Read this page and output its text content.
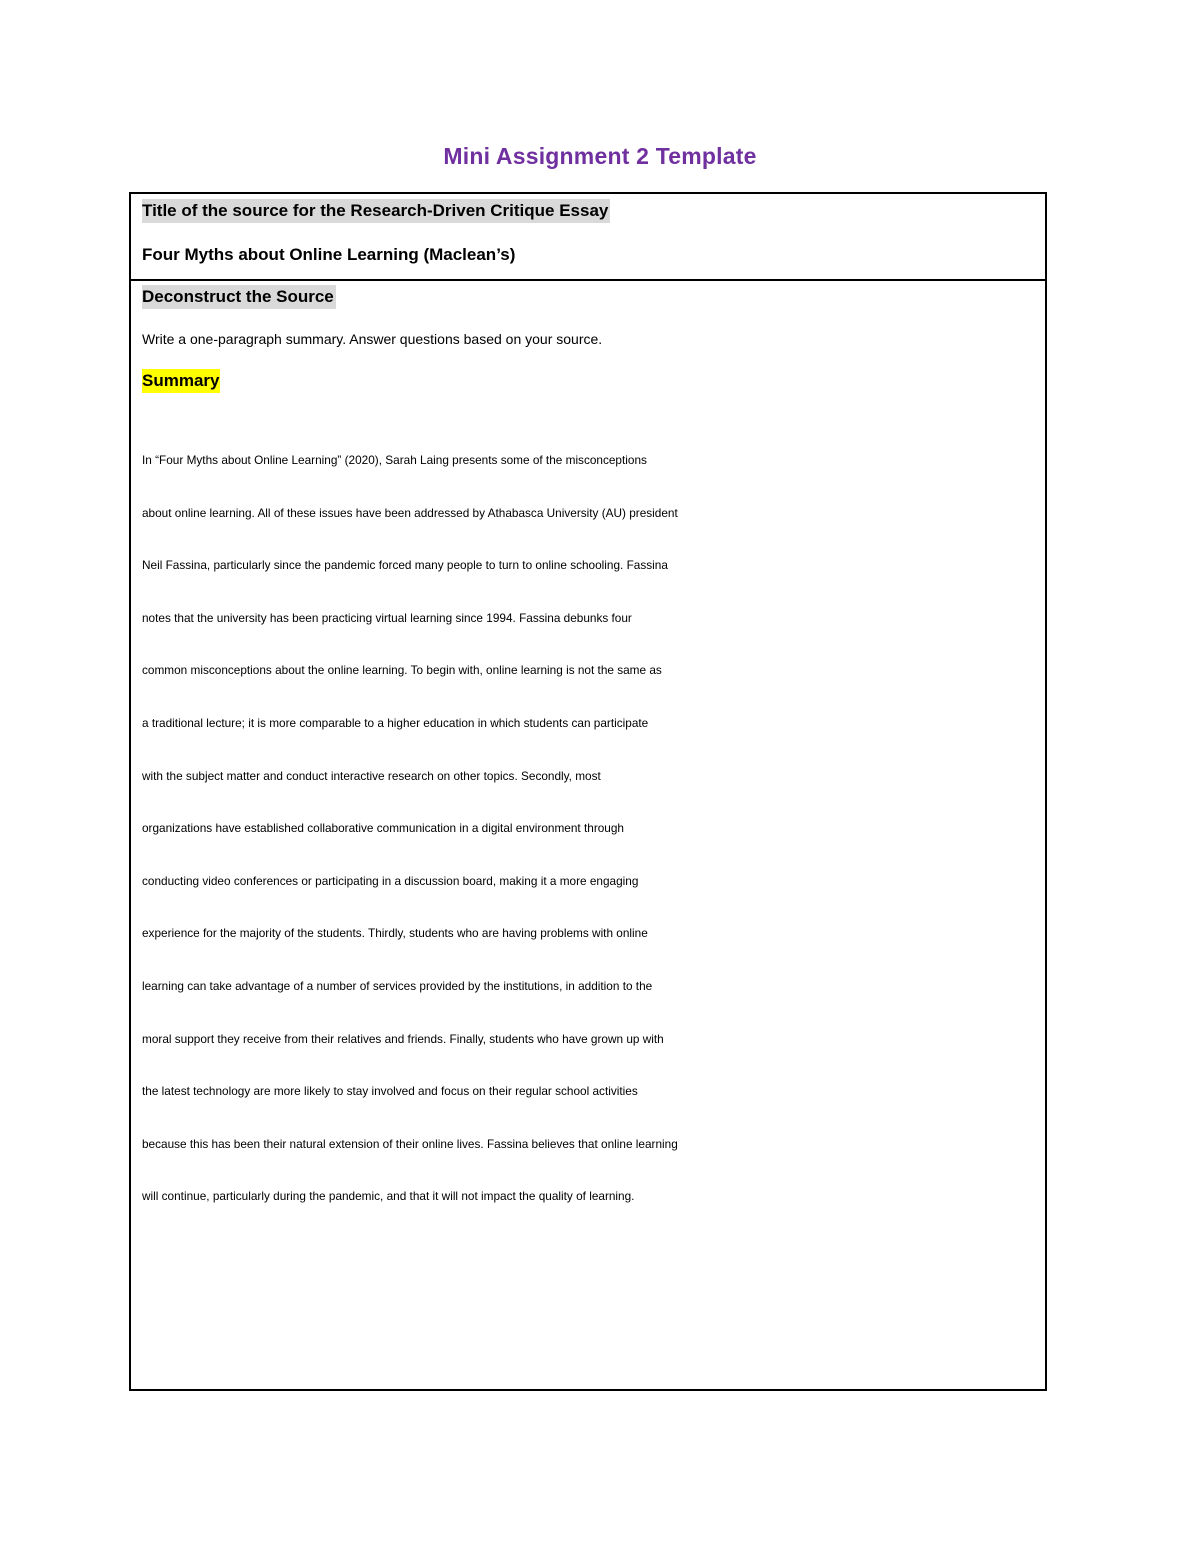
Mini Assignment 2 Template
Title of the source for the Research-Driven Critique Essay
Four Myths about Online Learning (Maclean’s)
Deconstruct the Source
Write a one-paragraph summary. Answer questions based on your source.
Summary
In “Four Myths about Online Learning” (2020), Sarah Laing presents some of the misconceptions
about online learning. All of these issues have been addressed by Athabasca University (AU) president
Neil Fassina, particularly since the pandemic forced many people to turn to online schooling. Fassina
notes that the university has been practicing virtual learning since 1994. Fassina debunks four
common misconceptions about the online learning. To begin with, online learning is not the same as
a traditional lecture; it is more comparable to a higher education in which students can participate
with the subject matter and conduct interactive research on other topics. Secondly, most
organizations have established collaborative communication in a digital environment through
conducting video conferences or participating in a discussion board, making it a more engaging
experience for the majority of the students. Thirdly, students who are having problems with online
learning can take advantage of a number of services provided by the institutions, in addition to the
moral support they receive from their relatives and friends. Finally, students who have grown up with
the latest technology are more likely to stay involved and focus on their regular school activities
because this has been their natural extension of their online lives. Fassina believes that online learning
will continue, particularly during the pandemic, and that it will not impact the quality of learning.
